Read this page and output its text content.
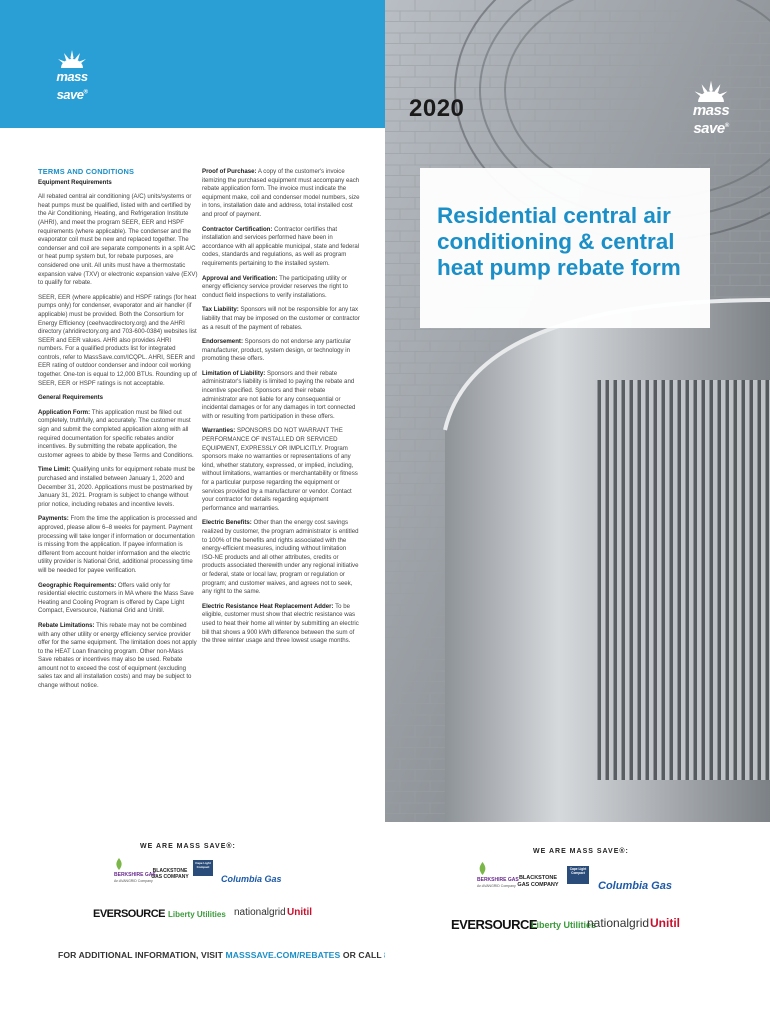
mass save®
TERMS AND CONDITIONS

Equipment Requirements

All rebated central air conditioning (A/C) units/systems or heat pumps must be qualified, listed with and certified by the Air Conditioning, Heating, and Refrigeration Institute (AHRI), and meet the program SEER, EER and HSPF requirements (where applicable). The condenser and the evaporator coil must be new and replaced together. The condenser and coil are separate components in a split A/C or heat pump system but, for rebate purposes, are considered one unit. All units must have a thermostatic expansion valve (TXV) or electronic expansion valve (EXV) to qualify for rebate.

SEER, EER (where applicable) and HSPF ratings (for heat pumps only) for condenser, evaporator and air handler (if applicable) must be provided. Both the Consortium for Energy Efficiency (ceehvacdirectory.org) and the AHRI directory (ahridirectory.org and 703-600-0384) websites list SEER and EER values. AHRI also provides AHRI numbers. For a qualified products list for integrated controls, refer to MassSave.com/ICQPL. AHRI, SEER and EER rating of outdoor condenser and indoor coil working together. One-ton is equal to 12,000 BTUs. Rounding up of SEER, EER or HSPF ratings is not acceptable.

General Requirements

Application Form: This application must be filled out completely, truthfully, and accurately. The customer must sign and submit the completed application along with all required documentation for specific rebates and/or incentives. By submitting the rebate application, the customer agrees to abide by these Terms and Conditions.

Time Limit: Qualifying units for equipment rebate must be purchased and installed between January 1, 2020 and December 31, 2020. Applications must be postmarked by January 31, 2021. Program is subject to change without prior notice, including rebates and incentive levels.

Payments: From the time the application is processed and approved, please allow 6–8 weeks for payment. Payment processing will take longer if information or documentation is missing from the application. If payee information is different from account holder information and the electric utility provider is National Grid, additional processing time will be needed for payee verification.

Geographic Requirements: Offers valid only for residential electric customers in MA where the Mass Save Heating and Cooling Program is offered by Cape Light Compact, Eversource, National Grid and Unitil.

Rebate Limitations: This rebate may not be combined with any other utility or energy efficiency service provider offer for the same equipment. The limitation does not apply to the HEAT Loan financing program. Other non-Mass Save rebates or incentives may also be used. Rebate amount not to exceed the cost of equipment (excluding sales tax and all installation costs) and may be subject to change without notice.

Proof of Purchase: A copy of the customer's invoice itemizing the purchased equipment must accompany each rebate application form. The invoice must indicate the equipment make, coil and condenser model numbers, size in tons, installation date and address, total installed cost and proof of payment.

Contractor Certification: Contractor certifies that installation and services performed have been in accordance with all applicable municipal, state and federal codes, standards and regulations, as well as program requirements pertaining to the installed system.

Approval and Verification: The participating utility or energy efficiency service provider reserves the right to conduct field inspections to verify installations.

Tax Liability: Sponsors will not be responsible for any tax liability that may be imposed on the customer or contractor as a result of the payment of rebates.

Endorsement: Sponsors do not endorse any particular manufacturer, product, system design, or technology in promoting these offers.

Limitation of Liability: Sponsors and their rebate administrator's liability is limited to paying the rebate and incentive specified. Sponsors and their rebate administrator are not liable for any consequential or incidental damages or for any damages in tort connected with or resulting from participation in these offers.

Warranties: SPONSORS DO NOT WARRANT THE PERFORMANCE OF INSTALLED OR SERVICED EQUIPMENT, EXPRESSLY OR IMPLICITLY. Program sponsors make no warranties or representations of any kind, whether statutory, expressed, or implied, including, without limitations, warranties or merchantability or fitness for a particular purpose regarding the equipment or services provided by a manufacturer or vendor. Contact your contractor for details regarding equipment performance and warranties.

Electric Benefits: Other than the energy cost savings realized by customer, the program administrator is entitled to 100% of the benefits and rights associated with the energy-efficient measures, including without limitation ISO-NE products and all other attributes, credits or products associated therewith under any regional initiative or federal, state or local law, program or regulation or program; and customer waives, and agrees not to seek, any right to the same.

Electric Resistance Heat Replacement Adder: To be eligible, customer must show that electric resistance was used to heat their home all winter by submitting an electric bill that shows a 900 kWh difference between the sum of the three winter usage and three lowest usage months.

WE ARE MASS SAVE®:

BERKSHIRE GAS
An AVANGRID Company
BLACKSTONE GAS COMPANY
Cape Light Compact
Columbia Gas
EVERSOURCE Liberty Utilities nationalgrid Unitil
FOR ADDITIONAL INFORMATION, VISIT MASSSAVE.COM/REBATES OR CALL
mass save®
2020
Residential central air conditioning & central heat pump rebate form
WE ARE MASS SAVE®:

BERKSHIRE GAS
An AVANGRID Company
BLACKSTONE GAS COMPANY
Cape Light Compact
Columbia Gas
EVERSOURCE
Liberty Utilities
nationalgrid Unitil
